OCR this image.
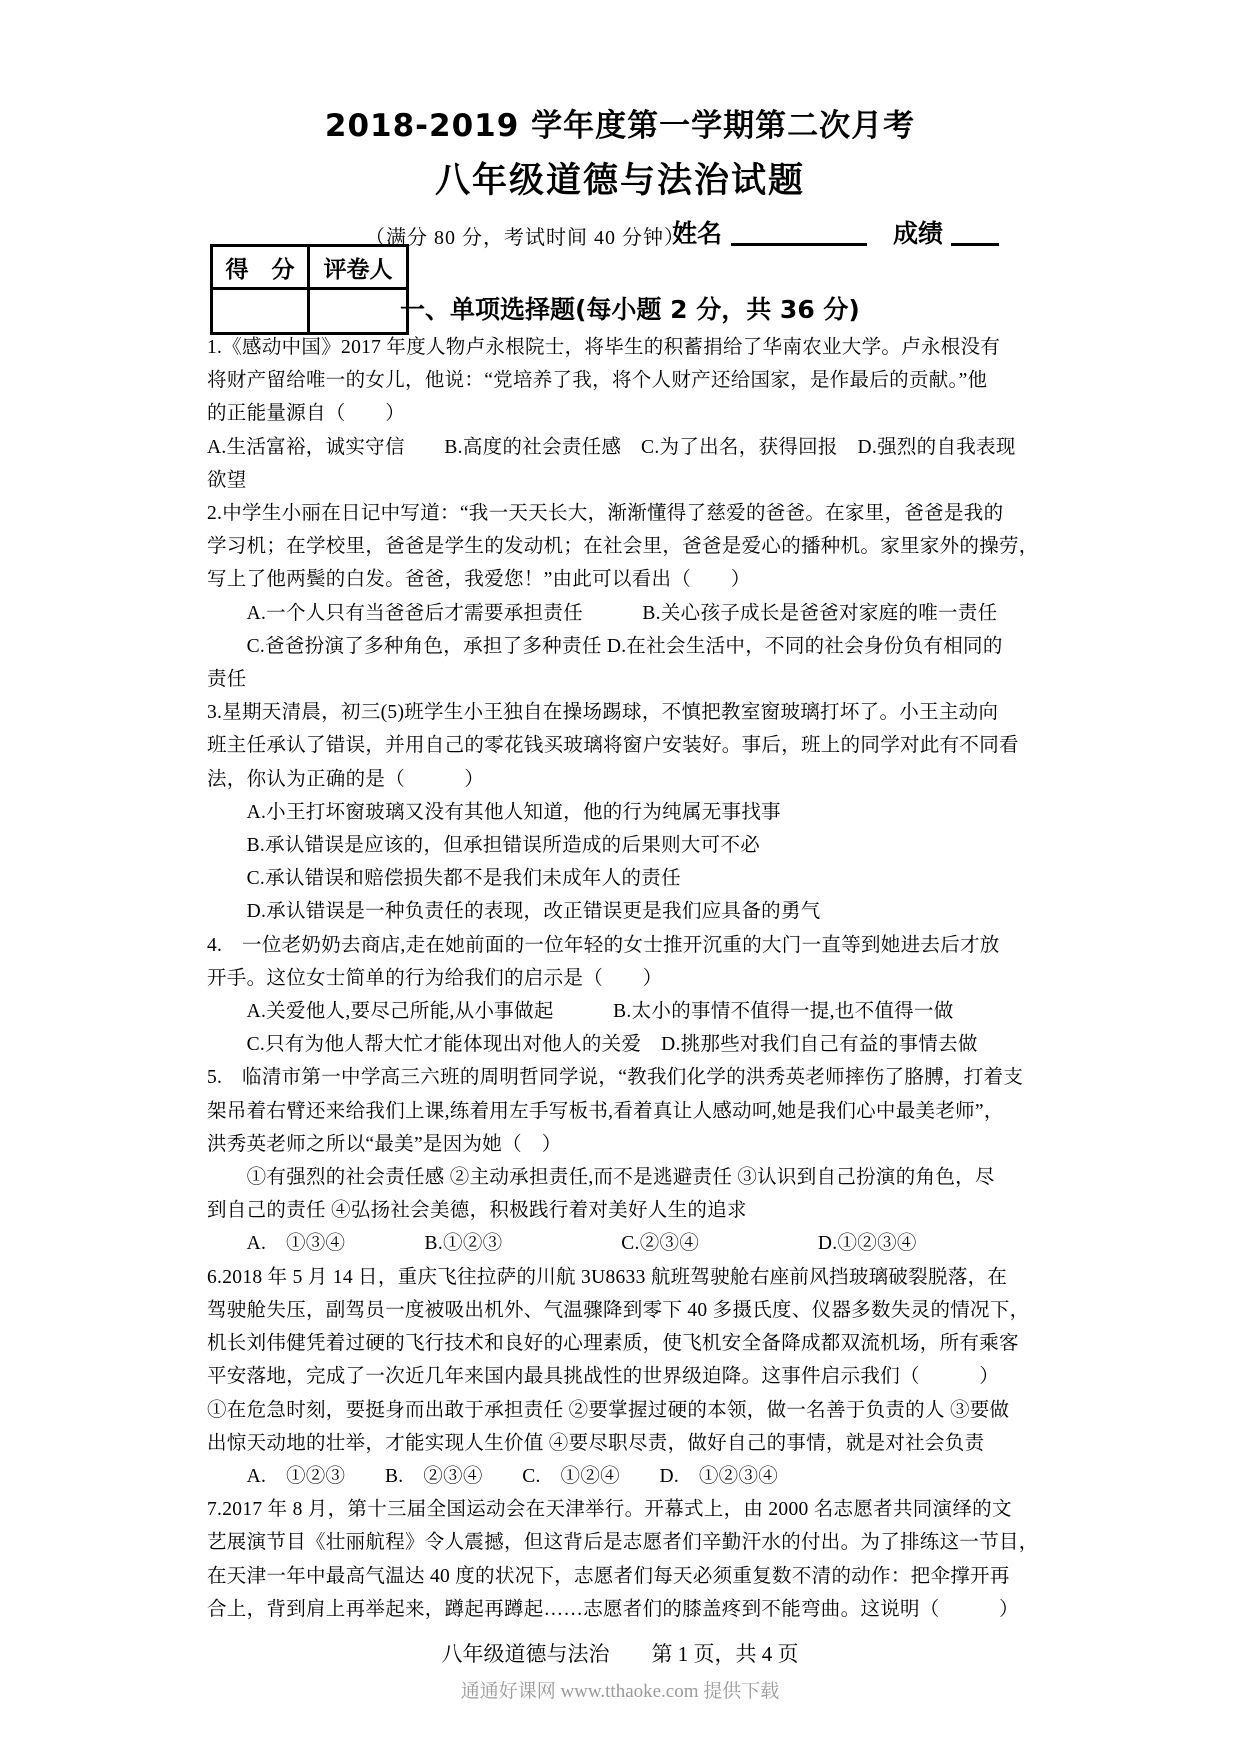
2018-2019 学年度第一学期第二次月考
八年级道德与法治试题
（满分 80 分，考试时间 40 分钟）
姓名	成绩
得　分	评卷人

一、单项选择题(每小题 2 分，共 36 分)
1.《感动中国》2017 年度人物卢永根院士，将毕生的积蓄捐给了华南农业大学。卢永根没有
将财产留给唯一的女儿，他说：“党培养了我，将个人财产还给国家，是作最后的贡献。”他
的正能量源自（　　）
A.生活富裕，诚实守信　　B.高度的社会责任感　C.为了出名，获得回报　D.强烈的自我表现
欲望
2.中学生小丽在日记中写道：“我一天天长大，渐渐懂得了慈爱的爸爸。在家里，爸爸是我的
学习机；在学校里，爸爸是学生的发动机；在社会里，爸爸是爱心的播种机。家里家外的操劳，
写上了他两鬓的白发。爸爸，我爱您！”由此可以看出（　　）
　　A.一个人只有当爸爸后才需要承担责任　　　B.关心孩子成长是爸爸对家庭的唯一责任
　　C.爸爸扮演了多种角色，承担了多种责任 D.在社会生活中，不同的社会身份负有相同的
责任
3.星期天清晨，初三(5)班学生小王独自在操场踢球，不慎把教室窗玻璃打坏了。小王主动向
班主任承认了错误，并用自己的零花钱买玻璃将窗户安装好。事后，班上的同学对此有不同看
法，你认为正确的是（　　　）
　　A.小王打坏窗玻璃又没有其他人知道，他的行为纯属无事找事
　　B.承认错误是应该的，但承担错误所造成的后果则大可不必
　　C.承认错误和赔偿损失都不是我们未成年人的责任
　　D.承认错误是一种负责任的表现，改正错误更是我们应具备的勇气
4.　一位老奶奶去商店,走在她前面的一位年轻的女士推开沉重的大门一直等到她进去后才放
开手。这位女士简单的行为给我们的启示是（　　）
　　A.关爱他人,要尽己所能,从小事做起　　　B.太小的事情不值得一提,也不值得一做
　　C.只有为他人帮大忙才能体现出对他人的关爱　D.挑那些对我们自己有益的事情去做
5.　临清市第一中学高三六班的周明哲同学说，“教我们化学的洪秀英老师摔伤了胳膊，打着支
架吊着右臂还来给我们上课,练着用左手写板书,看着真让人感动呵,她是我们心中最美老师”，
洪秀英老师之所以“最美”是因为她（　）
　　①有强烈的社会责任感 ②主动承担责任,而不是逃避责任 ③认识到自己扮演的角色，尽
到自己的责任 ④弘扬社会美德，积极践行着对美好人生的追求
　　A.　①③④　　　　B.①②③　　　　　　C.②③④　　　　　　D.①②③④
6.2018 年 5 月 14 日，重庆飞往拉萨的川航 3U8633 航班驾驶舱右座前风挡玻璃破裂脱落，在
驾驶舱失压，副驾员一度被吸出机外、气温骤降到零下 40 多摄氏度、仪器多数失灵的情况下，
机长刘伟健凭着过硬的飞行技术和良好的心理素质，使飞机安全备降成都双流机场，所有乘客
平安落地，完成了一次近几年来国内最具挑战性的世界级迫降。这事件启示我们（　　　）
①在危急时刻，要挺身而出敢于承担责任 ②要掌握过硬的本领，做一名善于负责的人 ③要做
出惊天动地的壮举，才能实现人生价值 ④要尽职尽责，做好自己的事情，就是对社会负责
　　A.　①②③　　B.　②③④　　C.　①②④　　D.　①②③④
7.2017 年 8 月，第十三届全国运动会在天津举行。开幕式上，由 2000 名志愿者共同演绎的文
艺展演节目《壮丽航程》令人震撼，但这背后是志愿者们辛勤汗水的付出。为了排练这一节目，
在天津一年中最高气温达 40 度的状况下，志愿者们每天必须重复数不清的动作：把伞撑开再
合上，背到肩上再举起来，蹲起再蹲起……志愿者们的膝盖疼到不能弯曲。这说明（　　　）
八年级道德与法治　　第 1 页，共 4 页
通通好课网 www.tthaoke.com 提供下载
